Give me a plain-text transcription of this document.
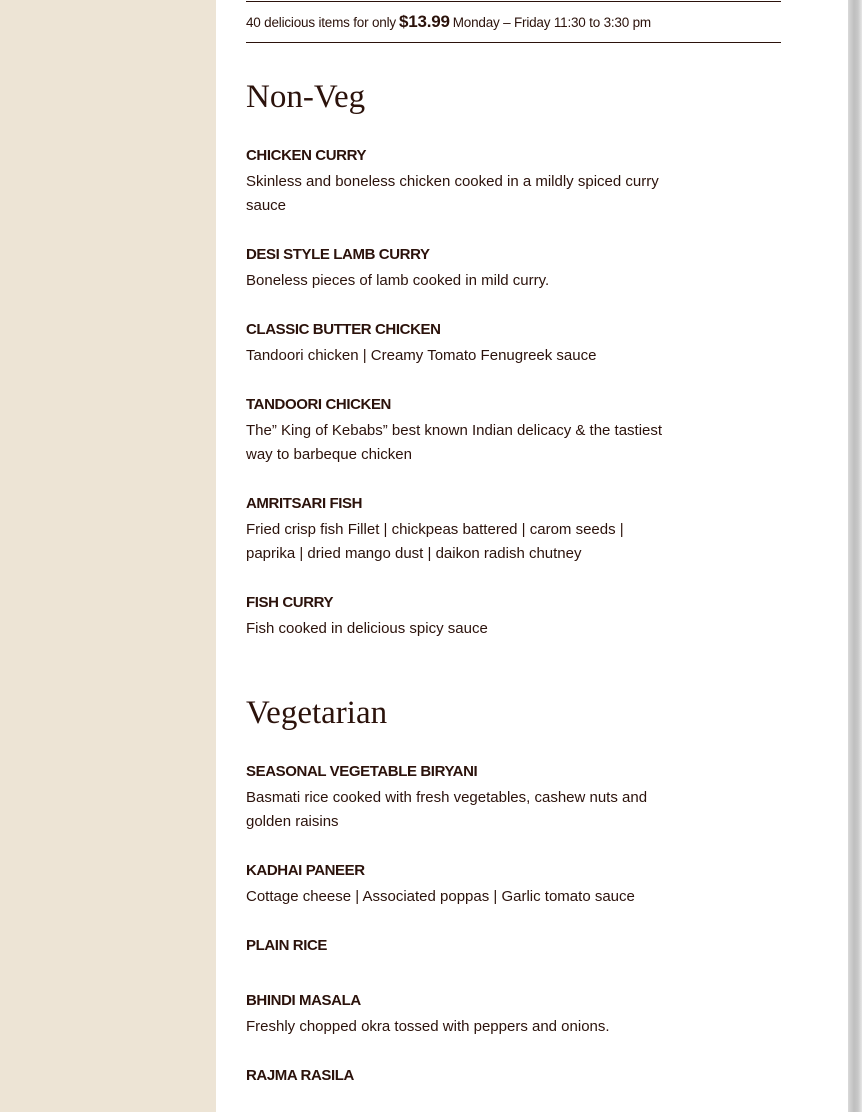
40 delicious items for only $13.99 Monday – Friday 11:30 to 3:30 pm
Non-Veg
CHICKEN CURRY
Skinless and boneless chicken cooked in a mildly spiced curry sauce
DESI STYLE LAMB CURRY
Boneless pieces of lamb cooked in mild curry.
CLASSIC BUTTER CHICKEN
Tandoori chicken | Creamy Tomato Fenugreek sauce
TANDOORI CHICKEN
The” King of Kebabs” best known Indian delicacy & the tastiest way to barbeque chicken
AMRITSARI FISH
Fried crisp fish Fillet | chickpeas battered | carom seeds | paprika | dried mango dust | daikon radish chutney
FISH CURRY
Fish cooked in delicious spicy sauce
Vegetarian
SEASONAL VEGETABLE BIRYANI
Basmati rice cooked with fresh vegetables, cashew nuts and golden raisins
KADHAI PANEER
Cottage cheese | Associated poppas | Garlic tomato sauce
PLAIN RICE
BHINDI MASALA
Freshly chopped okra tossed with peppers and onions.
RAJMA RASILA
